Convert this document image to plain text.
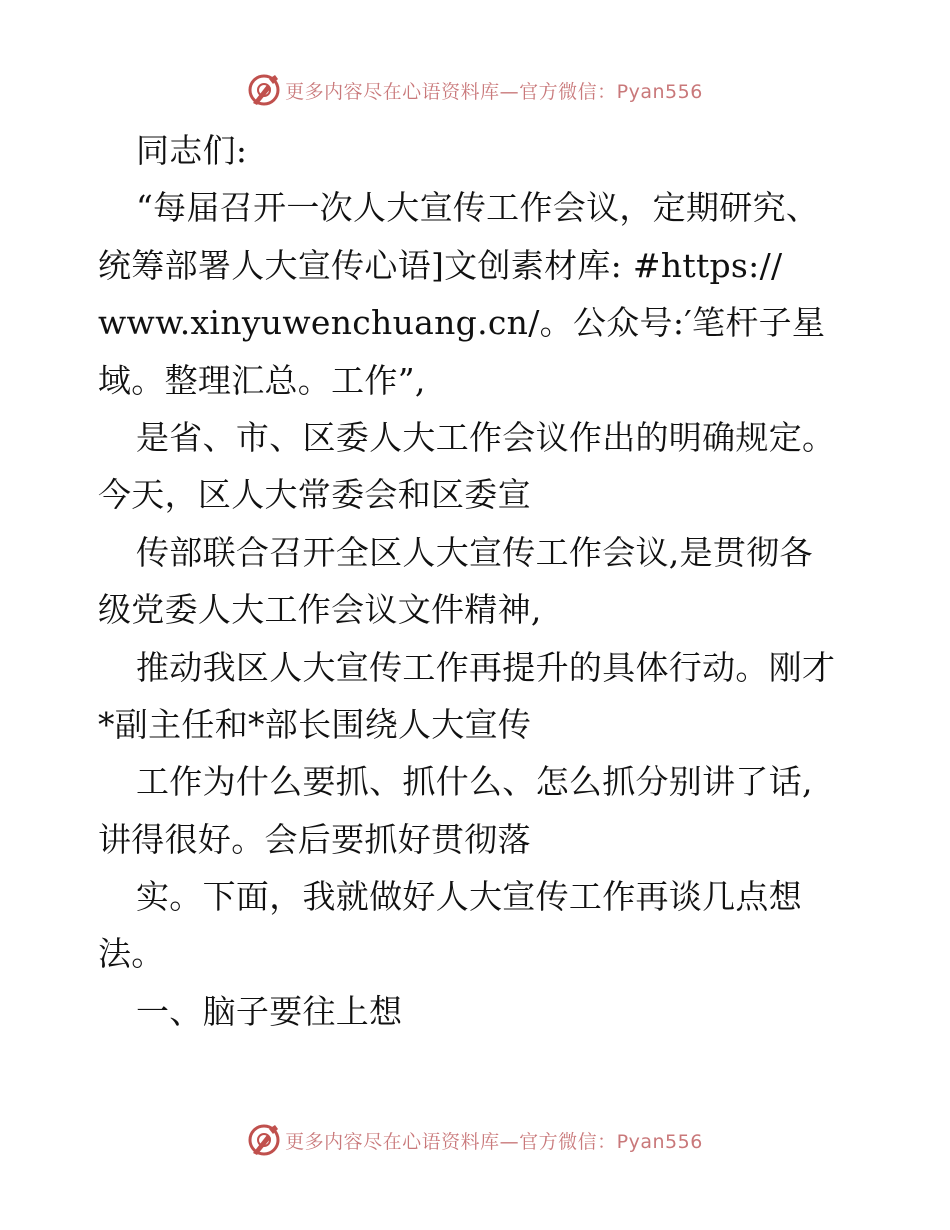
更多内容尽在心语资料库—官方微信：Pyan556
同志们:
“每届召开一次人大宣传工作会议，定期研究、
统筹部署人大宣传心语]文创素材库: #https://
www.xinyuwenchuang.cn/。公众号:′笔杆子星
域。整理汇总。工作”,
是省、市、区委人大工作会议作出的明确规定。
今天，区人大常委会和区委宣
传部联合召开全区人大宣传工作会议,是贯彻各
级党委人大工作会议文件精神,
推动我区人大宣传工作再提升的具体行动。刚才
*副主任和*部长围绕人大宣传
工作为什么要抓、抓什么、怎么抓分别讲了话,
讲得很好。会后要抓好贯彻落
实。下面，我就做好人大宣传工作再谈几点想
法。
一、脑子要往上想
更多内容尽在心语资料库—官方微信：Pyan556
